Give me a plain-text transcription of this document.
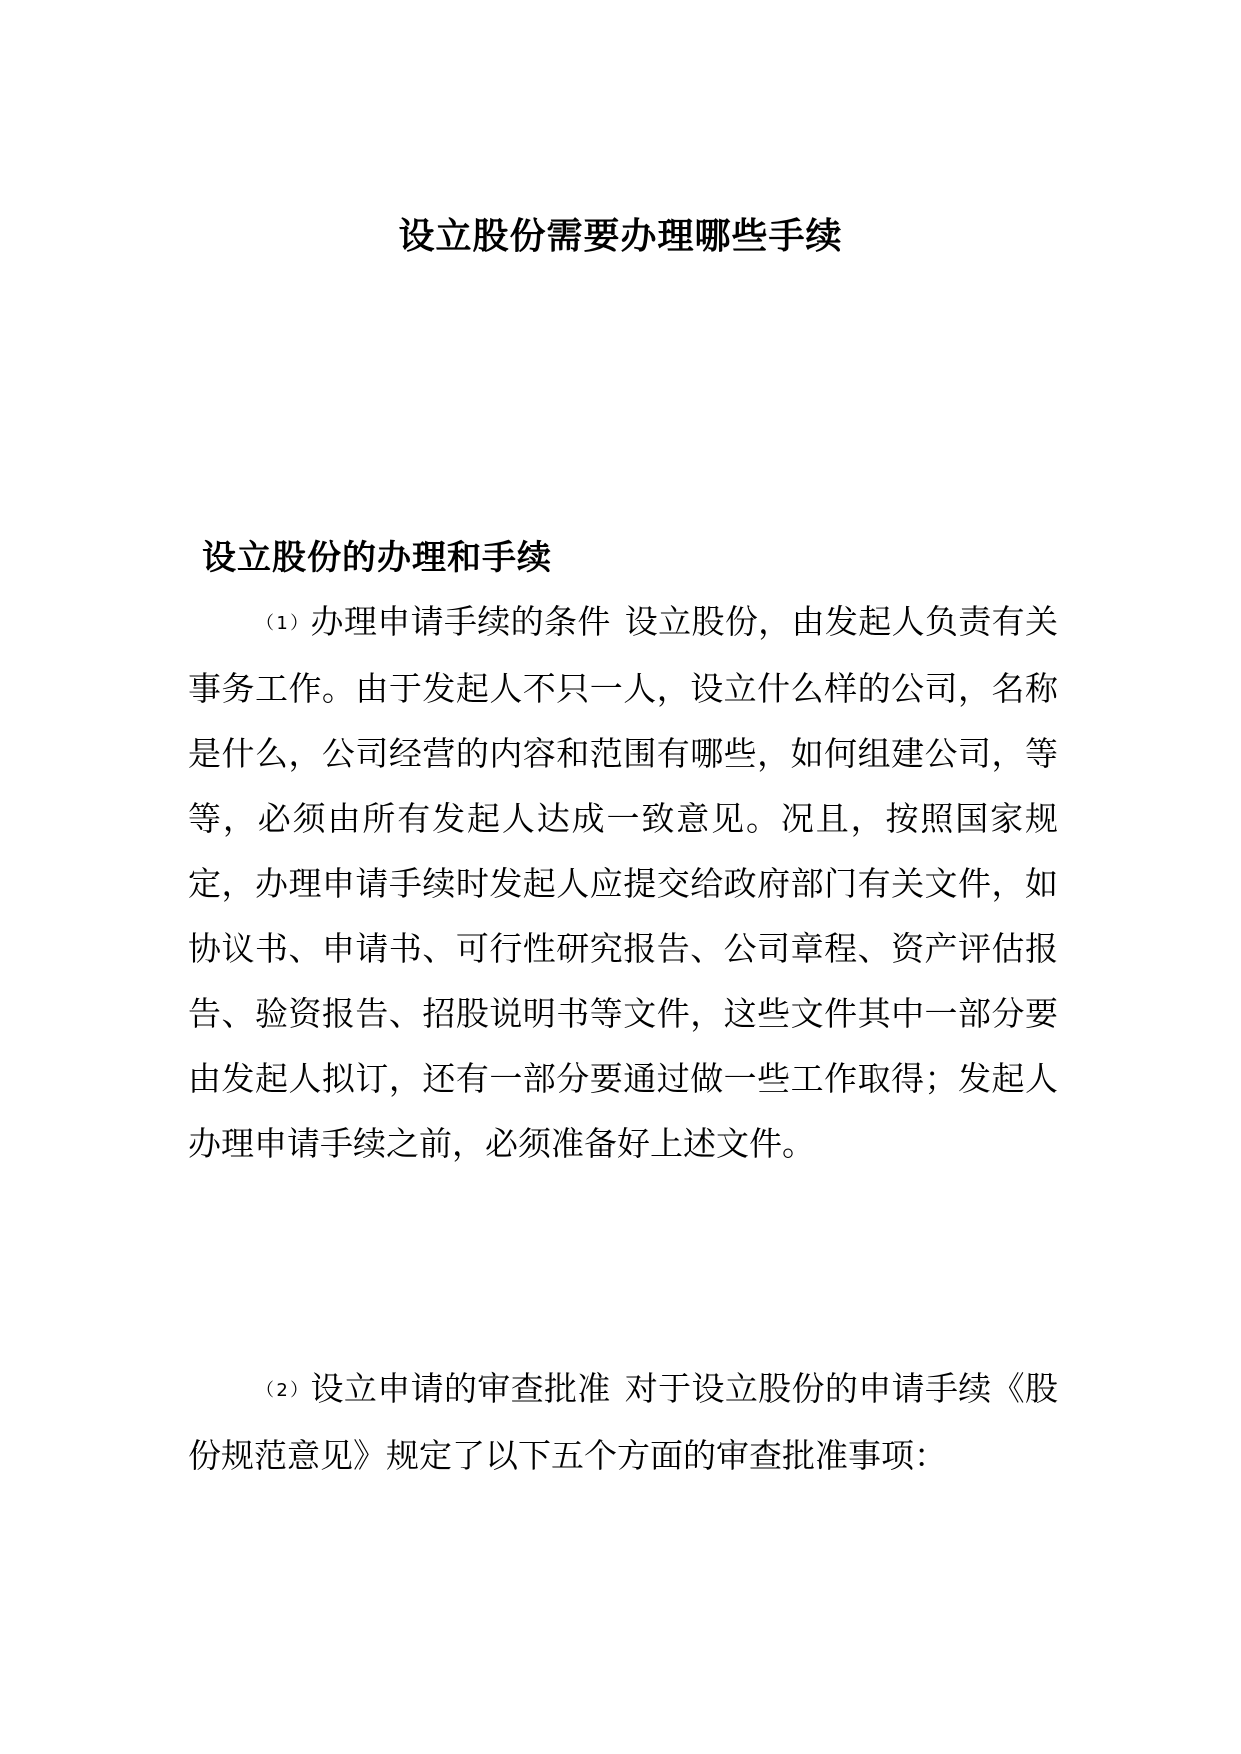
设立股份需要办理哪些手续
设立股份的办理和手续

（1）办理申请手续的条件 设立股份，由发起人负责有关事务工作。由于发起人不只一人，设立什么样的公司，名称是什么，公司经营的内容和范围有哪些，如何组建公司，等等，必须由所有发起人达成一致意见。况且，按照国家规定，办理申请手续时发起人应提交给政府部门有关文件，如协议书、申请书、可行性研究报告、公司章程、资产评估报告、验资报告、招股说明书等文件，这些文件其中一部分要由发起人拟订，还有一部分要通过做一些工作取得；发起人办理申请手续之前，必须准备好上述文件。

（2）设立申请的审查批准 对于设立股份的申请手续《股份规范意见》规定了以下五个方面的审查批准事项：
